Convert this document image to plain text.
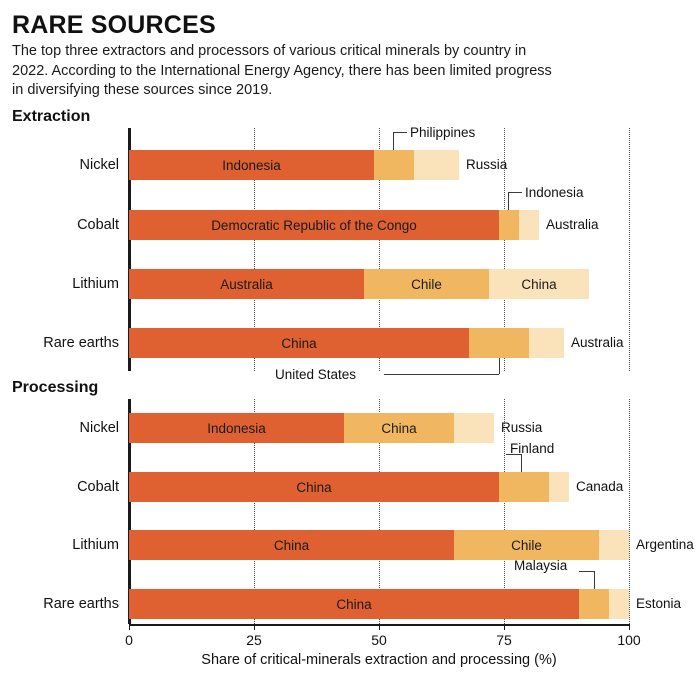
RARE SOURCES
The top three extractors and processors of various critical minerals by country in 2022. According to the International Energy Agency, there has been limited progress in diversifying these sources since 2019.
Extraction
Nickel	Indonesia	Russia
Philippines
Cobalt	Democratic Republic of the Congo	Australia
Indonesia
Lithium	Australia	Chile	China
Rare earths	China	Australia
United States
Processing
Nickel	Indonesia	China	Russia
Cobalt	China	Canada
Finland
Lithium	China	Chile	Argentina
Rare earths	China	Estonia
Malaysia
0	25	50	75	100
Share of critical-minerals extraction and processing (%)
